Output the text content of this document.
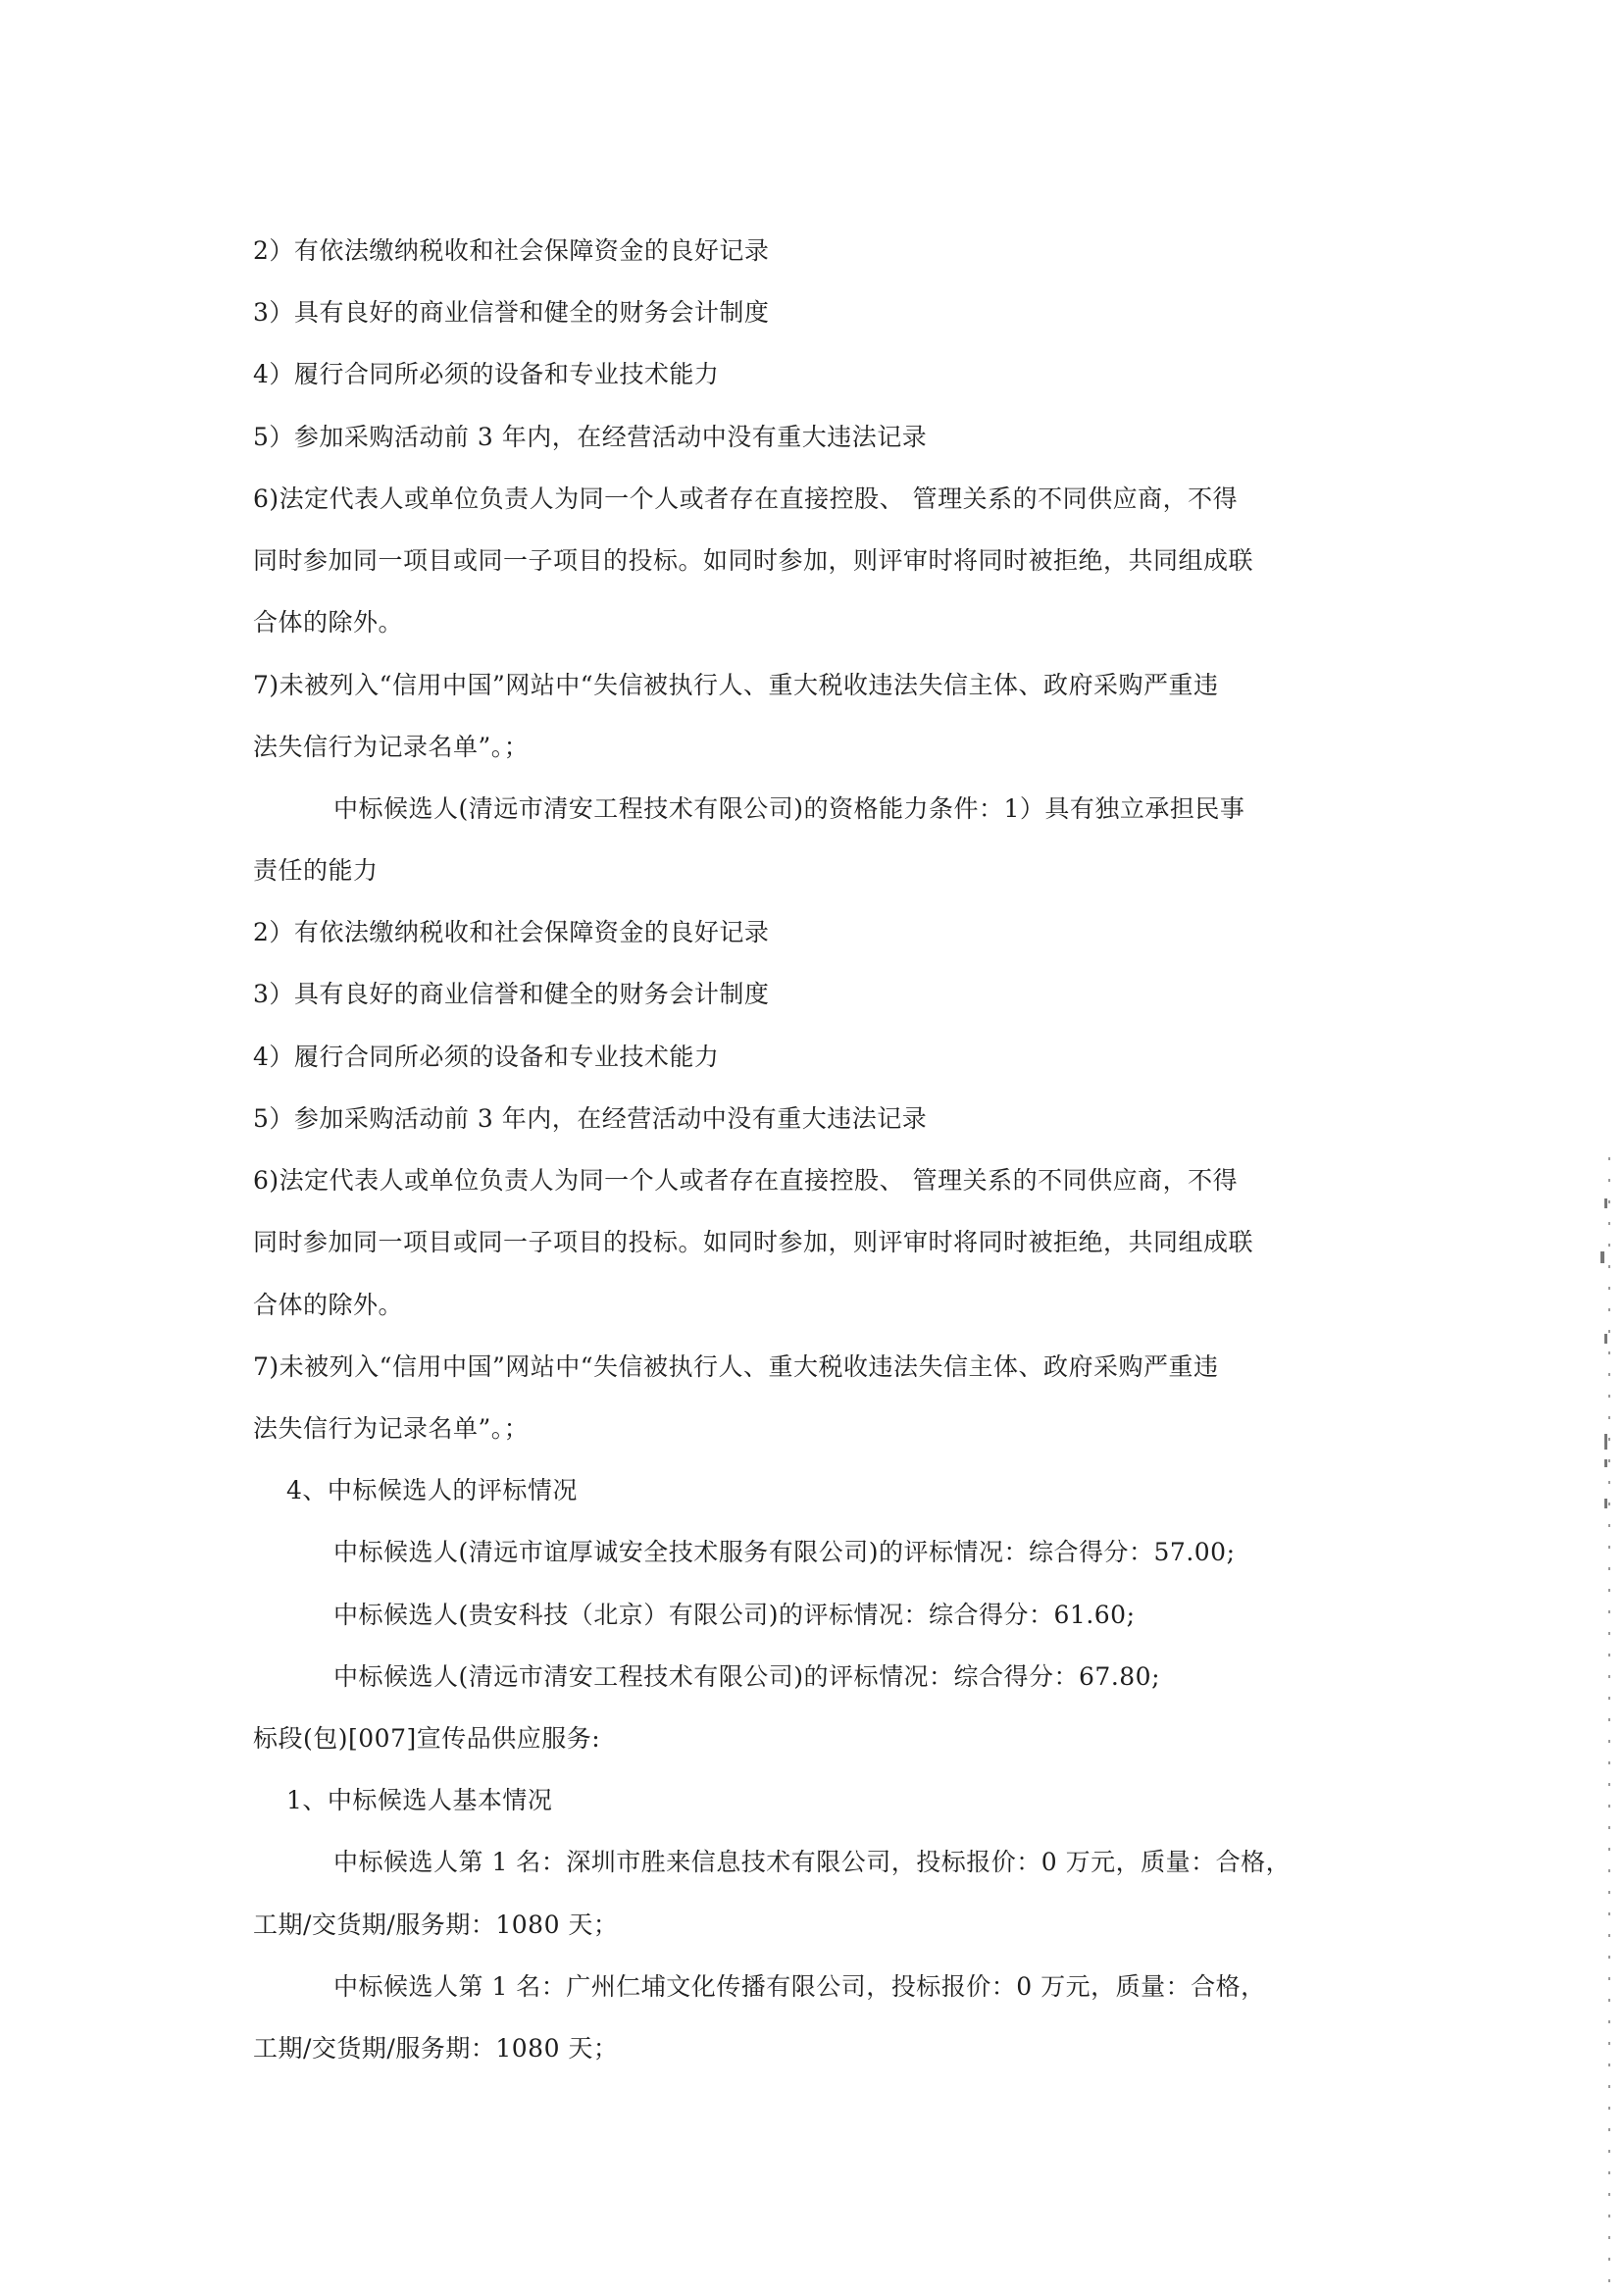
2）有依法缴纳税收和社会保障资金的良好记录
3）具有良好的商业信誉和健全的财务会计制度
4）履行合同所必须的设备和专业技术能力
5）参加采购活动前 3 年内，在经营活动中没有重大违法记录
6)法定代表人或单位负责人为同一个人或者存在直接控股、 管理关系的不同供应商，不得
同时参加同一项目或同一子项目的投标。如同时参加，则评审时将同时被拒绝，共同组成联
合体的除外。
7)未被列入“信用中国”网站中“失信被执行人、重大税收违法失信主体、政府采购严重违
法失信行为记录名单”。；
中标候选人(清远市清安工程技术有限公司)的资格能力条件：1）具有独立承担民事
责任的能力
2）有依法缴纳税收和社会保障资金的良好记录
3）具有良好的商业信誉和健全的财务会计制度
4）履行合同所必须的设备和专业技术能力
5）参加采购活动前 3 年内，在经营活动中没有重大违法记录
6)法定代表人或单位负责人为同一个人或者存在直接控股、 管理关系的不同供应商，不得
同时参加同一项目或同一子项目的投标。如同时参加，则评审时将同时被拒绝，共同组成联
合体的除外。
7)未被列入“信用中国”网站中“失信被执行人、重大税收违法失信主体、政府采购严重违
法失信行为记录名单”。；
4、中标候选人的评标情况
中标候选人(清远市谊厚诚安全技术服务有限公司)的评标情况：综合得分：57.00;
中标候选人(贵安科技（北京）有限公司)的评标情况：综合得分：61.60;
中标候选人(清远市清安工程技术有限公司)的评标情况：综合得分：67.80;
标段(包)[007]宣传品供应服务:
1、中标候选人基本情况
中标候选人第 1 名：深圳市胜来信息技术有限公司，投标报价：0 万元，质量：合格，
工期/交货期/服务期：1080 天；
中标候选人第 1 名：广州仁埔文化传播有限公司，投标报价：0 万元，质量：合格，
工期/交货期/服务期：1080 天；
